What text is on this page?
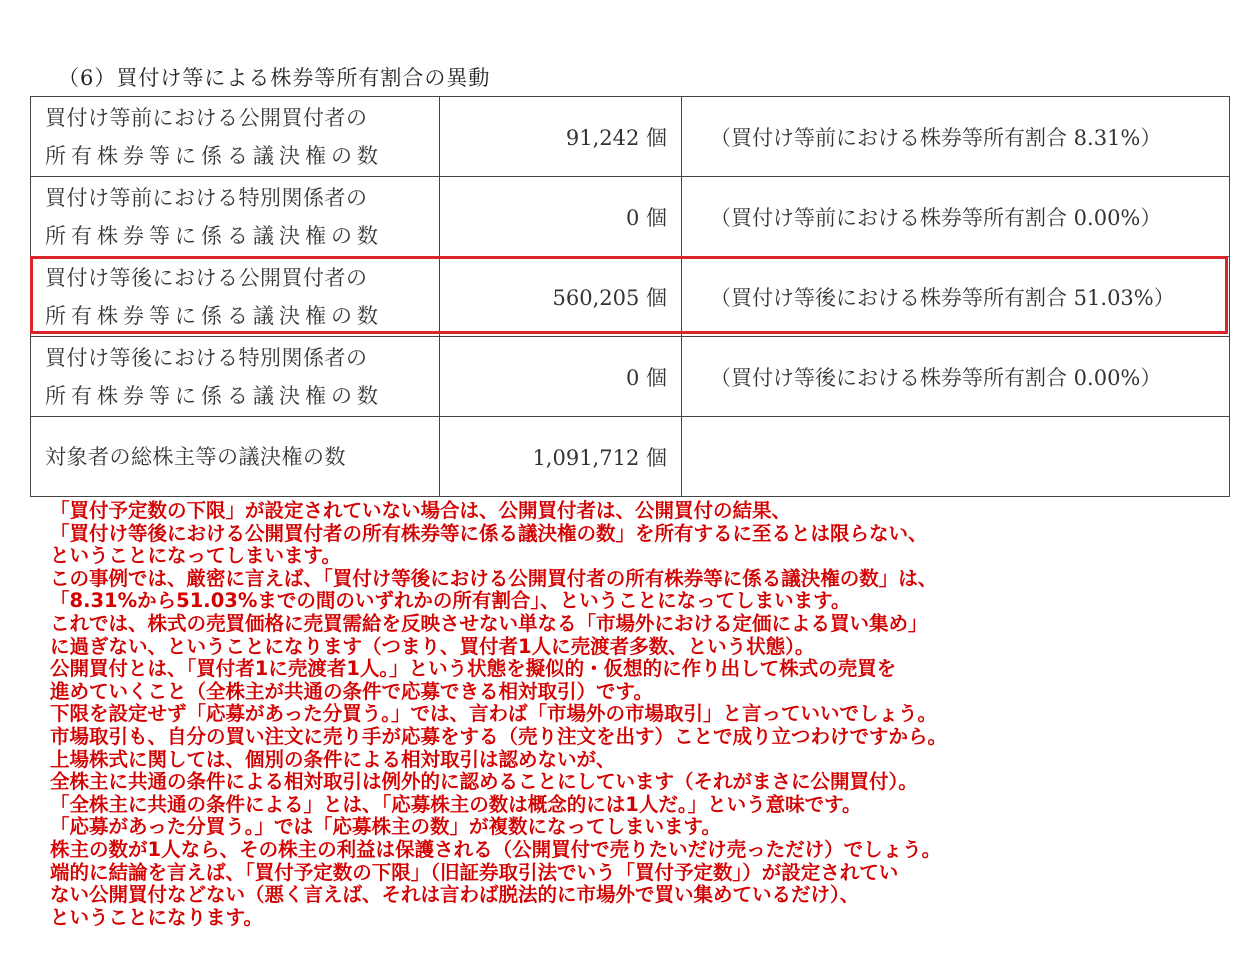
（6）買付け等による株券等所有割合の異動
買付け等前における公開買付者の
所有株券等に係る議決権の数	91,242 個	（買付け等前における株券等所有割合 8.31%）

買付け等前における特別関係者の
所有株券等に係る議決権の数	0 個	（買付け等前における株券等所有割合 0.00%）

買付け等後における公開買付者の
所有株券等に係る議決権の数	560,205 個	（買付け等後における株券等所有割合 51.03%）

買付け等後における特別関係者の
所有株券等に係る議決権の数	0 個	（買付け等後における株券等所有割合 0.00%）

対象者の総株主等の議決権の数	1,091,712 個	
「買付予定数の下限」が設定されていない場合は、公開買付者は、公開買付の結果、
「買付け等後における公開買付者の所有株券等に係る議決権の数」を所有するに至るとは限らない、
ということになってしまいます。
この事例では、厳密に言えば、「買付け等後における公開買付者の所有株券等に係る議決権の数」は、
「8.31%から51.03%までの間のいずれかの所有割合」、ということになってしまいます。
これでは、株式の売買価格に売買需給を反映させない単なる「市場外における定価による買い集め」
に過ぎない、ということになります（つまり、買付者1人に売渡者多数、という状態）。
公開買付とは、「買付者1に売渡者1人。」という状態を擬似的・仮想的に作り出して株式の売買を
進めていくこと（全株主が共通の条件で応募できる相対取引）です。
下限を設定せず「応募があった分買う。」では、言わば「市場外の市場取引」と言っていいでしょう。
市場取引も、自分の買い注文に売り手が応募をする（売り注文を出す）ことで成り立つわけですから。
上場株式に関しては、個別の条件による相対取引は認めないが、
全株主に共通の条件による相対取引は例外的に認めることにしています（それがまさに公開買付）。
「全株主に共通の条件による」とは、「応募株主の数は概念的には1人だ。」という意味です。
「応募があった分買う。」では「応募株主の数」が複数になってしまいます。
株主の数が1人なら、その株主の利益は保護される（公開買付で売りたいだけ売っただけ）でしょう。
端的に結論を言えば、「買付予定数の下限」（旧証券取引法でいう「買付予定数」）が設定されてい
ない公開買付などない（悪く言えば、それは言わば脱法的に市場外で買い集めているだけ）、
ということになります。
